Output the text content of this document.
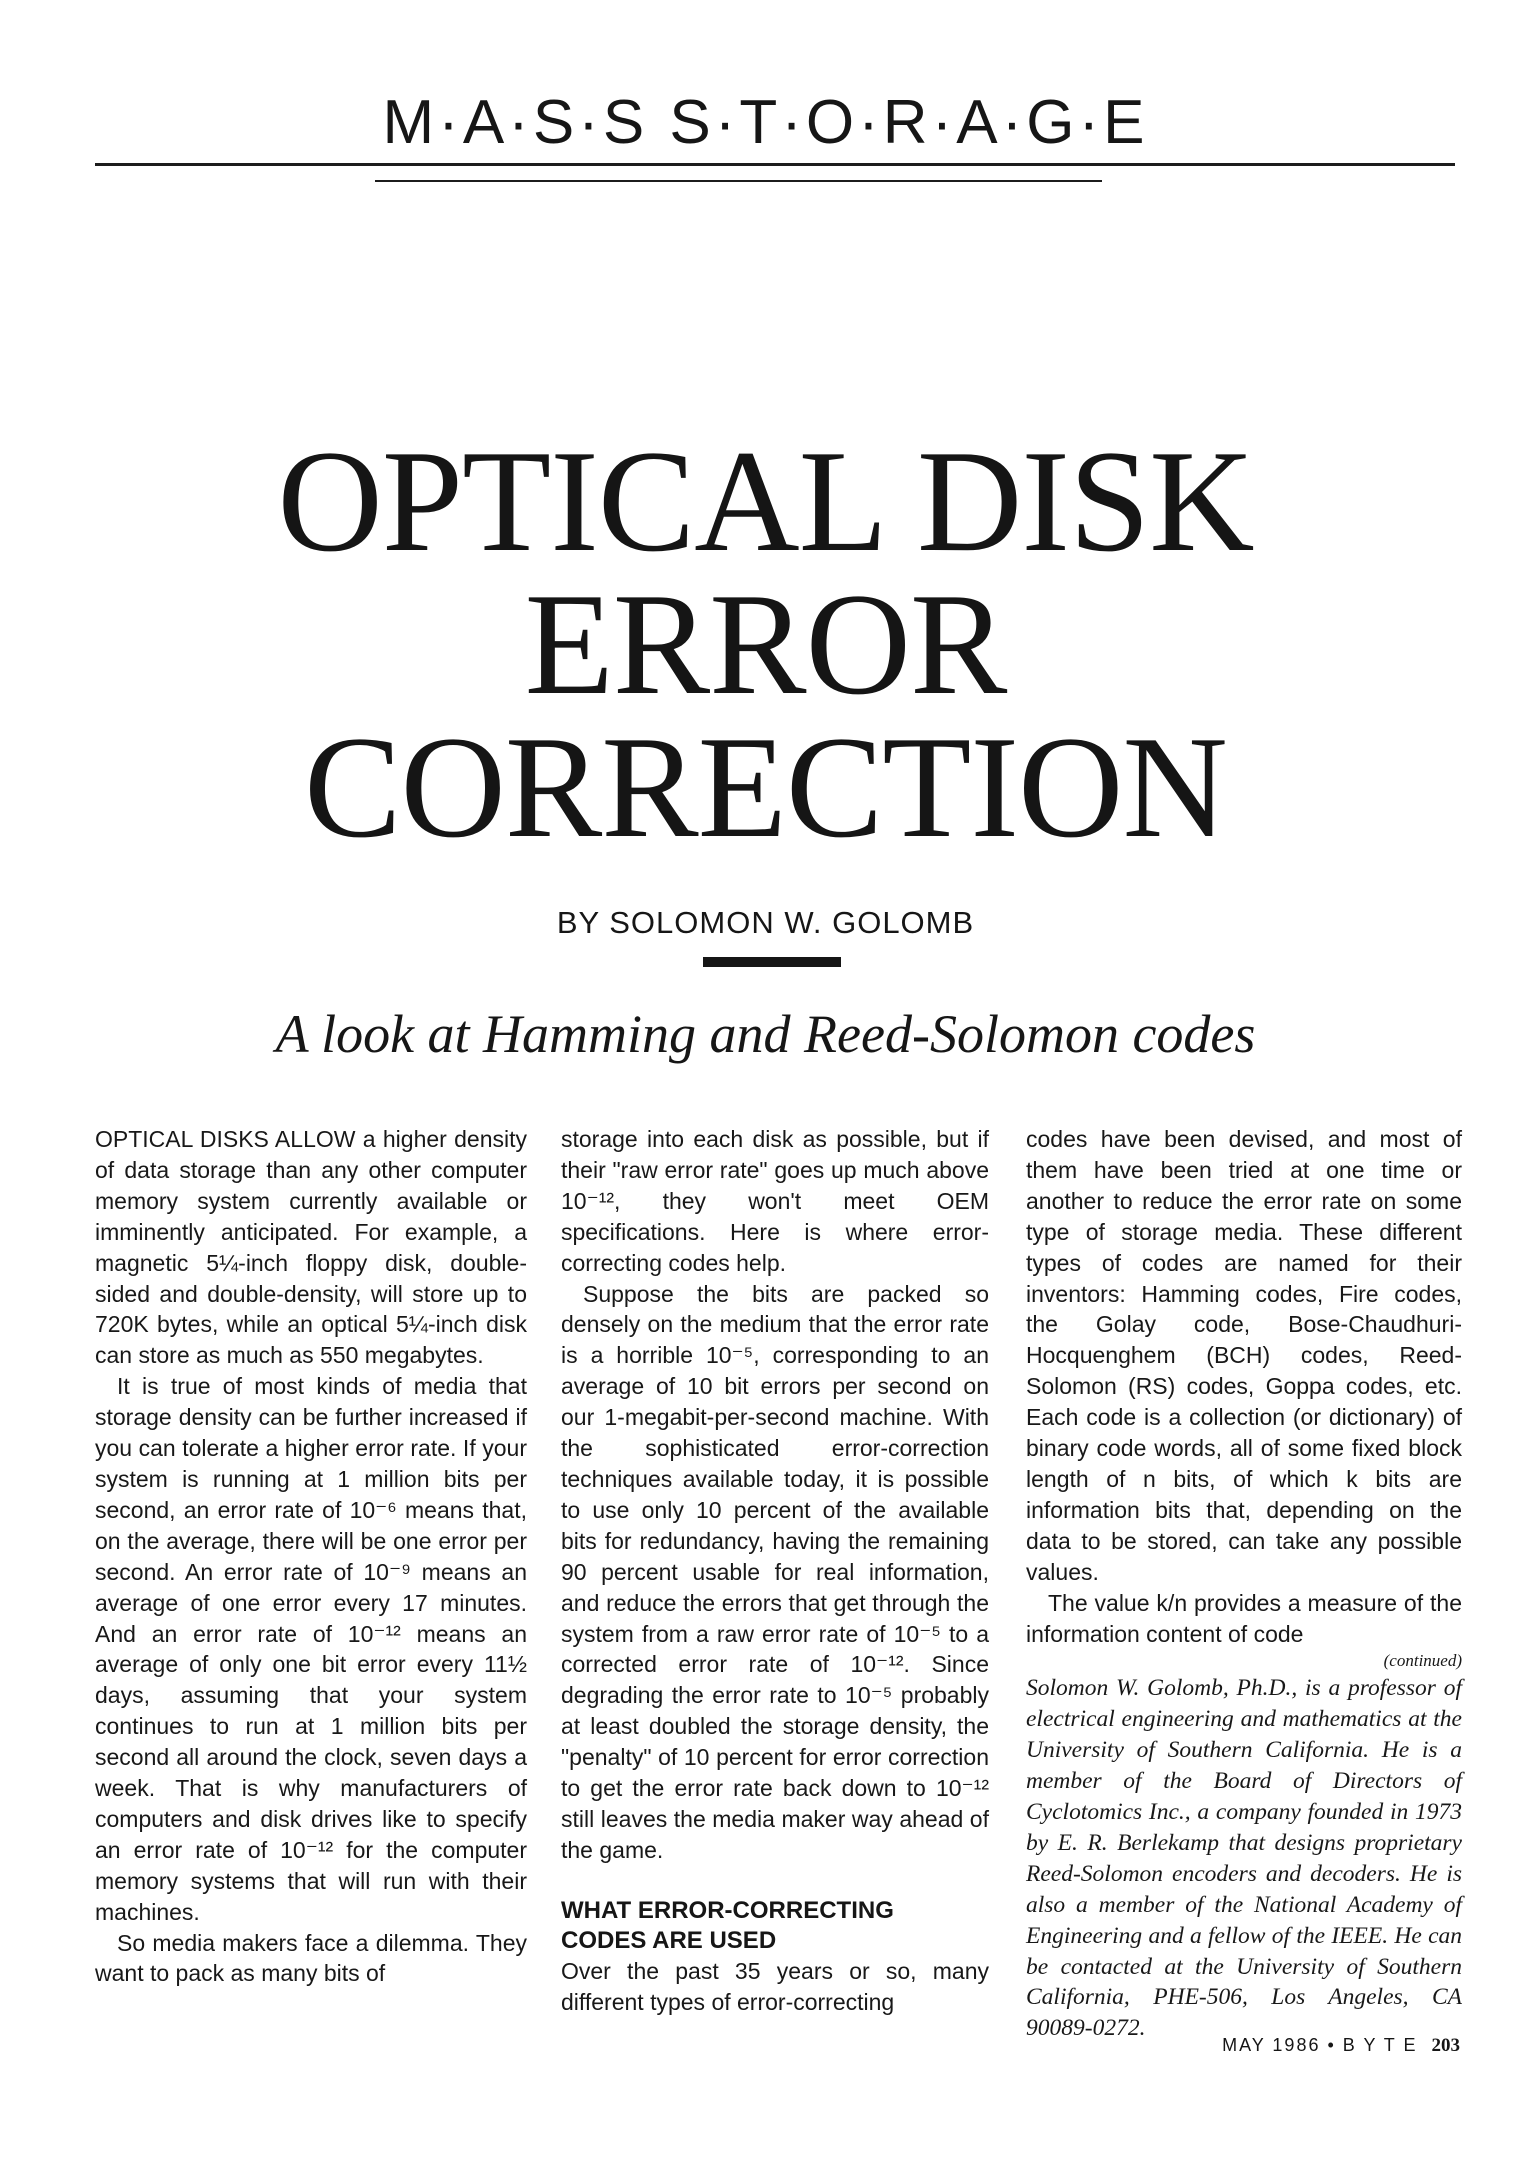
M·A·S·S S·T·O·R·A·G·E
OPTICAL DISK
ERROR
CORRECTION
BY SOLOMON W. GOLOMB
A look at Hamming and Reed-Solomon codes

OPTICAL DISKS ALLOW a higher density of data storage than any other computer memory system currently available or imminently anticipated. For example, a magnetic 5¼-inch floppy disk, double-sided and double-density, will store up to 720K bytes, while an optical 5¼-inch disk can store as much as 550 megabytes.

It is true of most kinds of media that storage density can be further increased if you can tolerate a higher error rate. If your system is running at 1 million bits per second, an error rate of 10⁻⁶ means that, on the average, there will be one error per second. An error rate of 10⁻⁹ means an average of one error every 17 minutes. And an error rate of 10⁻¹² means an average of only one bit error every 11½ days, assuming that your system continues to run at 1 million bits per second all around the clock, seven days a week. That is why manufacturers of computers and disk drives like to specify an error rate of 10⁻¹² for the computer memory systems that will run with their machines.

So media makers face a dilemma. They want to pack as many bits of

storage into each disk as possible, but if their "raw error rate" goes up much above 10⁻¹², they won't meet OEM specifications. Here is where error-correcting codes help.

Suppose the bits are packed so densely on the medium that the error rate is a horrible 10⁻⁵, corresponding to an average of 10 bit errors per second on our 1-megabit-per-second machine. With the sophisticated error-correction techniques available today, it is possible to use only 10 percent of the available bits for redundancy, having the remaining 90 percent usable for real information, and reduce the errors that get through the system from a raw error rate of 10⁻⁵ to a corrected error rate of 10⁻¹². Since degrading the error rate to 10⁻⁵ probably at least doubled the storage density, the "penalty" of 10 percent for error correction to get the error rate back down to 10⁻¹² still leaves the media maker way ahead of the game.

WHAT ERROR-CORRECTING
CODES ARE USED

Over the past 35 years or so, many different types of error-correcting

codes have been devised, and most of them have been tried at one time or another to reduce the error rate on some type of storage media. These different types of codes are named for their inventors: Hamming codes, Fire codes, the Golay code, Bose-Chaudhuri-Hocquenghem (BCH) codes, Reed-Solomon (RS) codes, Goppa codes, etc. Each code is a collection (or dictionary) of binary code words, all of some fixed block length of n bits, of which k bits are information bits that, depending on the data to be stored, can take any possible values.

The value k/n provides a measure of the information content of code

(continued)

Solomon W. Golomb, Ph.D., is a professor of electrical engineering and mathematics at the University of Southern California. He is a member of the Board of Directors of Cyclotomics Inc., a company founded in 1973 by E. R. Berlekamp that designs proprietary Reed-Solomon encoders and decoders. He is also a member of the National Academy of Engineering and a fellow of the IEEE. He can be contacted at the University of Southern California, PHE-506, Los Angeles, CA 90089-0272.

MAY 1986 • B Y T E 203
